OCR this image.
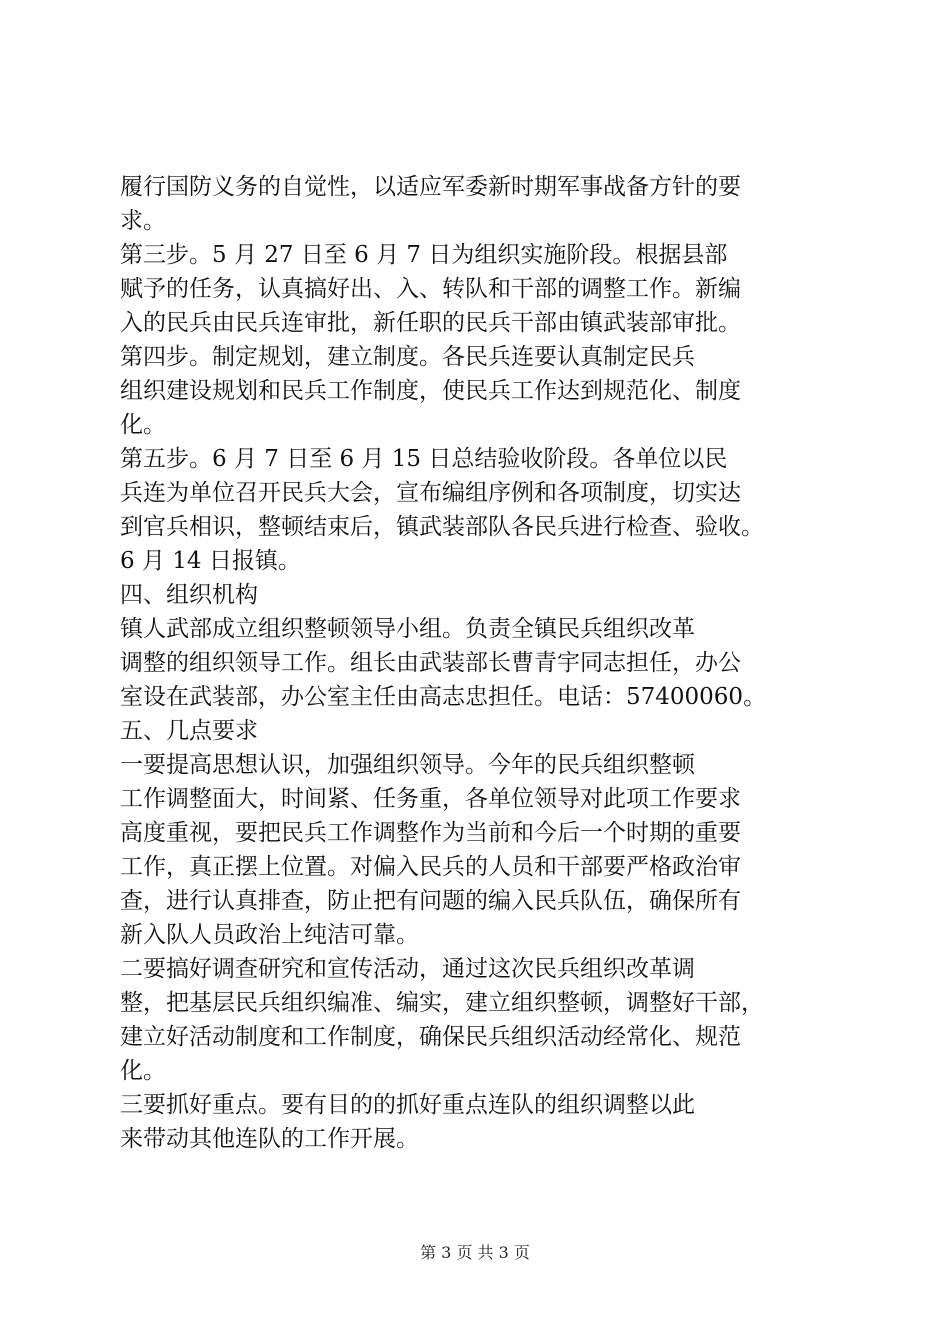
履行国防义务的自觉性，以适应军委新时期军事战备方针的要
求。
第三步。5 月 27 日至 6 月 7 日为组织实施阶段。根据县部
赋予的任务，认真搞好出、入、转队和干部的调整工作。新编
入的民兵由民兵连审批，新任职的民兵干部由镇武装部审批。
第四步。制定规划，建立制度。各民兵连要认真制定民兵
组织建设规划和民兵工作制度，使民兵工作达到规范化、制度
化。
第五步。6 月 7 日至 6 月 15 日总结验收阶段。各单位以民
兵连为单位召开民兵大会，宣布编组序例和各项制度，切实达
到官兵相识，整顿结束后，镇武装部队各民兵进行检查、验收。
6 月 14 日报镇。
四、组织机构
镇人武部成立组织整顿领导小组。负责全镇民兵组织改革
调整的组织领导工作。组长由武装部长曹青宇同志担任，办公
室设在武装部，办公室主任由高志忠担任。电话：57400060。
五、几点要求
一要提高思想认识，加强组织领导。今年的民兵组织整顿
工作调整面大，时间紧、任务重，各单位领导对此项工作要求
高度重视，要把民兵工作调整作为当前和今后一个时期的重要
工作，真正摆上位置。对偏入民兵的人员和干部要严格政治审
查，进行认真排查，防止把有问题的编入民兵队伍，确保所有
新入队人员政治上纯洁可靠。
二要搞好调查研究和宣传活动，通过这次民兵组织改革调
整，把基层民兵组织编准、编实，建立组织整顿，调整好干部，
建立好活动制度和工作制度，确保民兵组织活动经常化、规范
化。
三要抓好重点。要有目的的抓好重点连队的组织调整以此
来带动其他连队的工作开展。
第 3 页 共 3 页
